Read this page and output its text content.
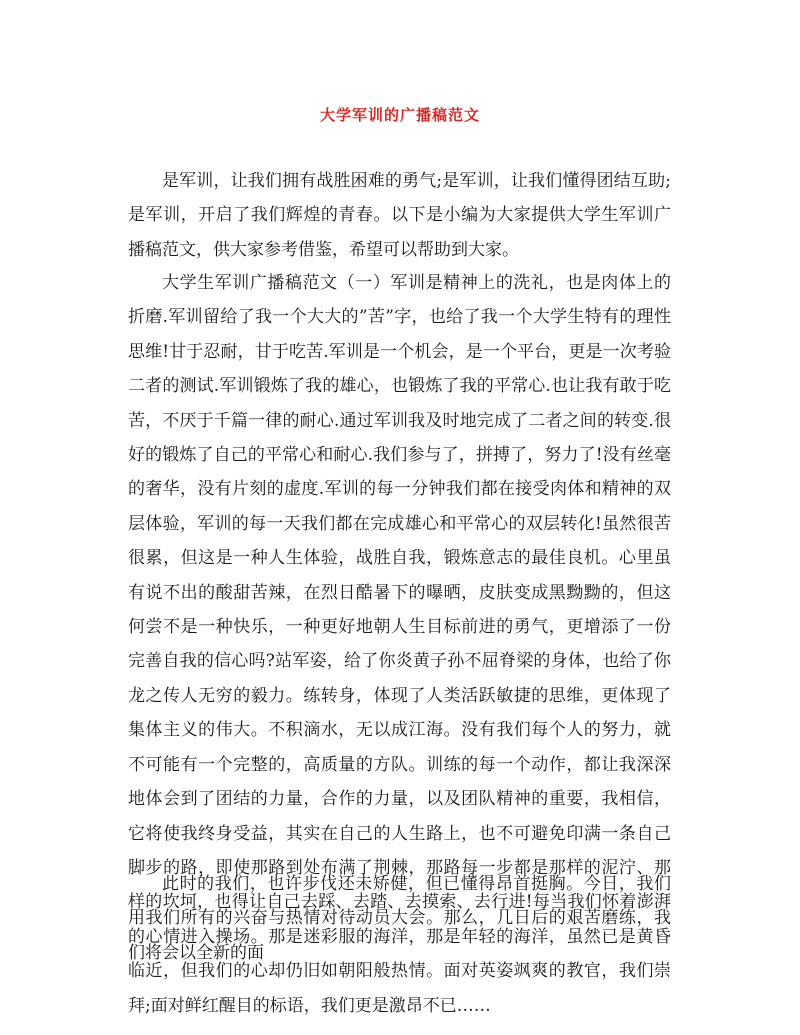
大学军训的广播稿范文

是军训，让我们拥有战胜困难的勇气;是军训，让我们懂得团结互助;是军训，开启了我们辉煌的青春。以下是小编为大家提供大学生军训广播稿范文，供大家参考借鉴，希望可以帮助到大家。

大学生军训广播稿范文（一）军训是精神上的洗礼，也是肉体上的折磨.军训留给了我一个大大的”苦”字，也给了我一个大学生特有的理性思维!甘于忍耐，甘于吃苦.军训是一个机会，是一个平台，更是一次考验二者的测试.军训锻炼了我的雄心，也锻炼了我的平常心.也让我有敢于吃苦，不厌于千篇一律的耐心.通过军训我及时地完成了二者之间的转变.很好的锻炼了自己的平常心和耐心.我们参与了，拼搏了，努力了!没有丝毫的奢华，没有片刻的虚度.军训的每一分钟我们都在接受肉体和精神的双层体验，军训的每一天我们都在完成雄心和平常心的双层转化!虽然很苦很累，但这是一种人生体验，战胜自我，锻炼意志的最佳良机。心里虽有说不出的酸甜苦辣，在烈日酷暑下的曝晒，皮肤变成黑黝黝的，但这何尝不是一种快乐，一种更好地朝人生目标前进的勇气，更增添了一份完善自我的信心吗?站军姿，给了你炎黄子孙不屈脊梁的身体，也给了你龙之传人无穷的毅力。练转身，体现了人类活跃敏捷的思维，更体现了集体主义的伟大。不积滴水，无以成江海。没有我们每个人的努力，就不可能有一个完整的，高质量的方队。训练的每一个动作，都让我深深地体会到了团结的力量，合作的力量，以及团队精神的重要，我相信，它将使我终身受益，其实在自己的人生路上，也不可避免印满一条自己脚步的路，即使那路到处布满了荆棘，那路每一步都是那样的泥泞、那样的坎坷，也得让自己去踩、去踏、去摸索、去行进!每当我们怀着澎湃的心情进入操场。那是迷彩服的海洋，那是年轻的海洋，虽然已是黄昏临近，但我们的心却仍旧如朝阳般热情。面对英姿飒爽的教官，我们崇拜;面对鲜红醒目的标语，我们更是激昂不已……

此时的我们，也许步伐还未矫健，但已懂得昂首挺胸。今日，我们用我们所有的兴奋与热情对待动员大会。那么，几日后的艰苦磨练，我们将会以全新的面
